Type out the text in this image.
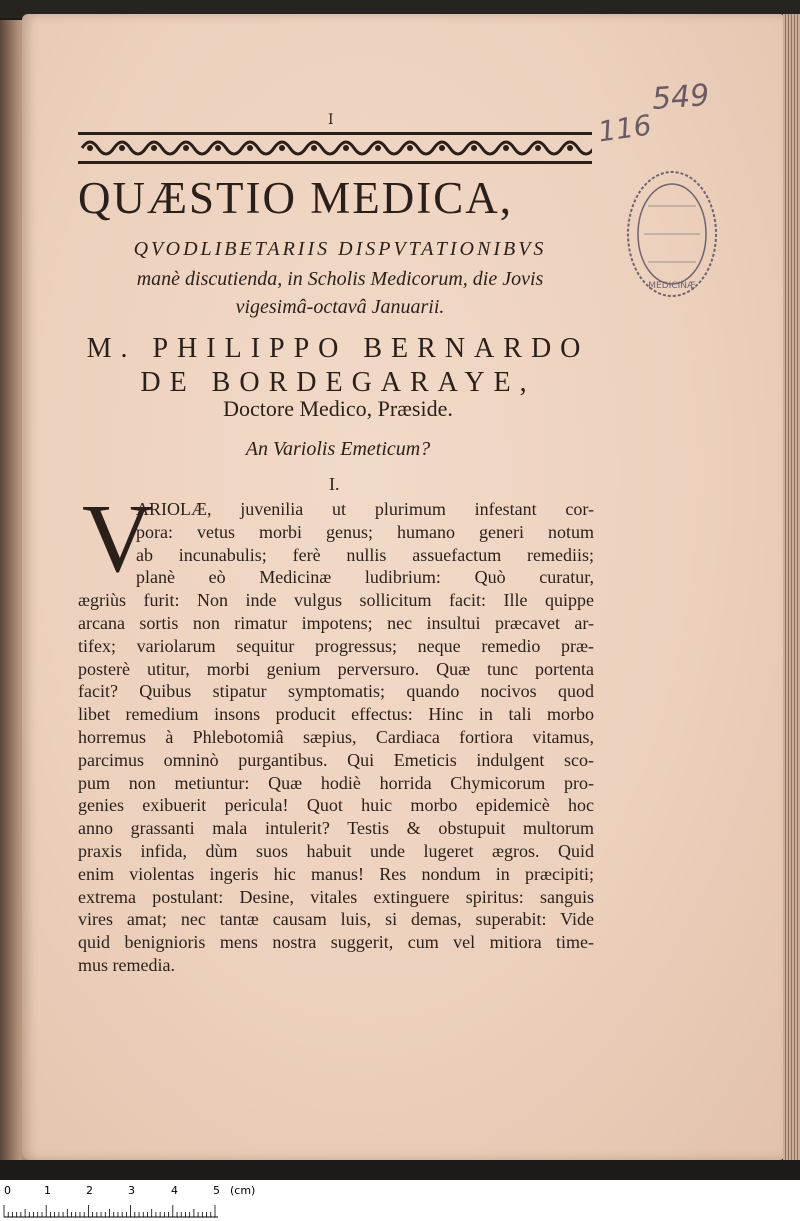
I	116
549
MEDICINÆ
QUÆSTIO MEDICA,
QVODLIBETARIIS DISPVTATIONIBVS
manè discutienda, in Scholis Medicorum, die Jovis
vigesimâ-octavâ Januarii.
M. PHILIPPO BERNARDO
DE BORDEGARAYE,
Doctore Medico, Præside.
An Variolis Emeticum?
I.
V
ARIOLÆ, juvenilia ut plurimum infestant cor-
pora: vetus morbi genus; humano generi notum
ab incunabulis; ferè nullis assuefactum remediis;
planè eò Medicinæ ludibrium: Quò curatur,
ægriùs furit: Non inde vulgus sollicitum facit: Ille quippe
arcana sortis non rimatur impotens; nec insultui præcavet ar-
tifex; variolarum sequitur progressus; neque remedio præ-
posterè utitur, morbi genium perversuro. Quæ tunc portenta
facit? Quibus stipatur symptomatis; quando nocivos quod
libet remedium insons producit effectus: Hinc in tali morbo
horremus à Phlebotomiâ sæpius, Cardiaca fortiora vitamus,
parcimus omninò purgantibus. Qui Emeticis indulgent sco-
pum non metiuntur: Quæ hodiè horrida Chymicorum pro-
genies exibuerit pericula! Quot huic morbo epidemicè hoc
anno grassanti mala intulerit? Testis & obstupuit multorum
praxis infida, dùm suos habuit unde lugeret ægros. Quid
enim violentas ingeris hic manus! Res nondum in præcipiti;
extrema postulant: Desine, vitales extinguere spiritus: sanguis
vires amat; nec tantæ causam luis, si demas, superabit: Vide
quid benignioris mens nostra suggerit, cum vel mitiora time-
mus remedia.
0	1	2	3	4	5 (cm)
